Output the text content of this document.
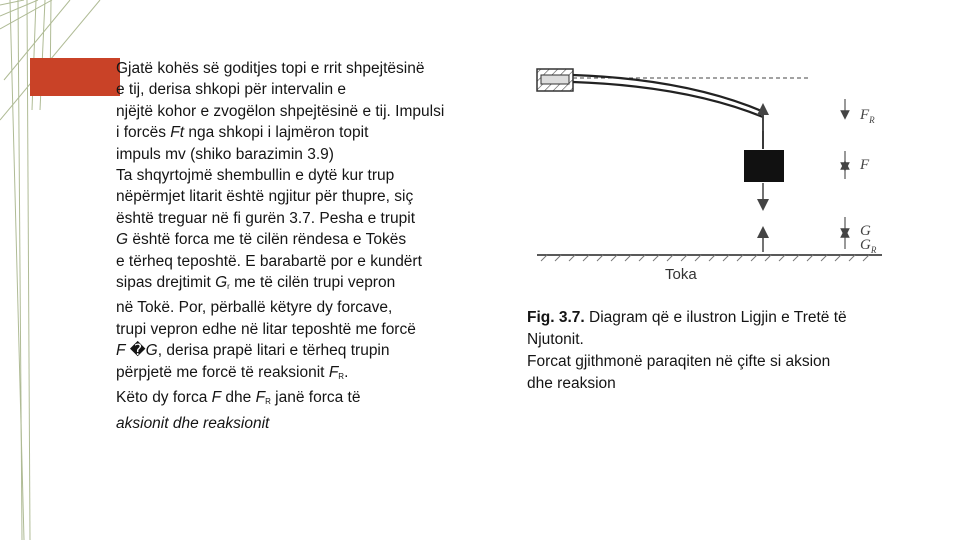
Gjatë kohës së goditjes topi e rrit shpejtësinë
e tij, derisa shkopi për intervalin e
njëjtë kohor e zvogëlon shpejtësinë e tij. Impulsi
i forcës Ft nga shkopi i lajmëron topit
impuls mv (shiko barazimin 3.9)
Ta shqyrtojmë shembullin e dytë kur trup
nëpërmjet litarit është ngjitur për thupre, siç
është treguar në fi gurën 3.7. Pesha e trupit
G është forca me të cilën rëndesa e Tokës
e tërheq teposhtë. E barabartë por e kundërt
sipas drejtimit $G_r$ me të cilën trupi vepron
në Tokë. Por, përballë këtyre dy forcave,
trupi vepron edhe në litar teposhtë me forcë
F �G, derisa prapë litari e tërheq trupin
përpjetë me forcë të reaksionit $F_R$.
Këto dy forca F dhe $F_R$ janë forca të
aksionit dhe reaksionit
$F_R$
F
G
$G_R$
Toka
Fig. 3.7. Diagram që e ilustron Ligjin e Tretë të
Njutonit.
Forcat gjithmonë paraqiten në çifte si aksion
dhe reaksion
